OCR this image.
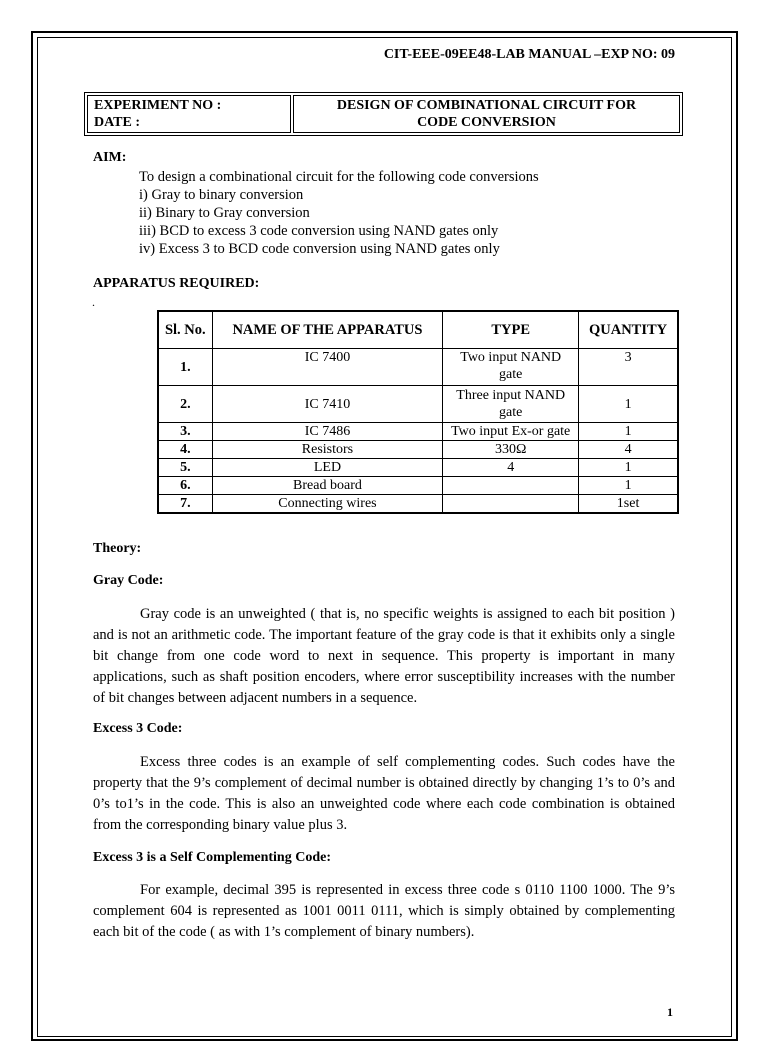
CIT-EEE-09EE48-LAB MANUAL –EXP NO: 09
EXPERIMENT NO :
DATE :

DESIGN OF COMBINATIONAL CIRCUIT FOR
CODE CONVERSION
AIM:
To design a combinational circuit for the following code conversions
i) Gray to binary conversion
ii) Binary to Gray conversion
iii) BCD to excess 3 code conversion using NAND gates only
iv) Excess 3 to BCD code conversion using NAND gates only
APPARATUS REQUIRED:
.
Sl. No.	NAME OF THE APPARATUS	TYPE	QUANTITY
1.	IC 7400	Two input NAND gate	3
2.	IC 7410	Three input NAND gate	1
3.	IC 7486	Two input Ex-or gate	1
4.	Resistors	330Ω	4
5.	LED	4	1
6.	Bread board		1
7.	Connecting wires		1set
Theory:
Gray Code:
Gray code is an unweighted ( that is, no specific weights is assigned to each bit position ) and is not an arithmetic code. The important feature of the gray code is that it exhibits only a single bit change from one code word to next in sequence. This property is important in many applications, such as shaft position encoders, where error susceptibility increases with the number of bit changes between adjacent numbers in a sequence.
Excess 3 Code:
Excess three codes is an example of self complementing codes. Such codes have the property that the 9’s complement of decimal number is obtained directly by changing 1’s to 0’s and 0’s to1’s in the code. This is also an unweighted code where each code combination is obtained from the corresponding binary value plus 3.
Excess 3 is a Self Complementing Code:
For example, decimal 395 is represented in excess three code s 0110 1100 1000. The 9’s complement 604 is represented as 1001 0011 0111, which is simply obtained by complementing each bit of the code ( as with 1’s complement of binary numbers).
1
